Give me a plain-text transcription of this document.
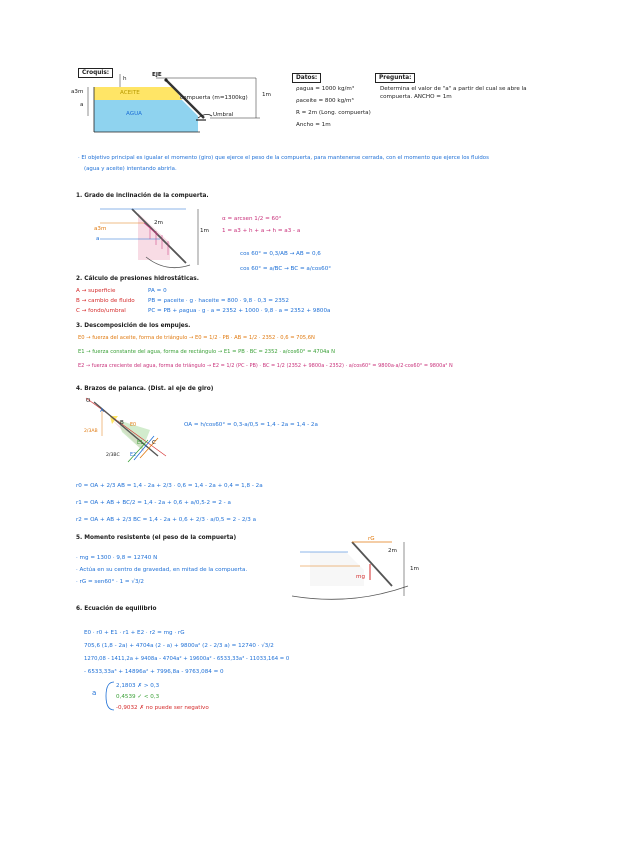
Croquis:	EJE
h
a3m
a
ACEITE
AGUA
compuerta (m=1300kg)
Umbral
1m
Datos:
ρagua = 1000 kg/m³
ρaceite = 800 kg/m³
R = 2m (Long. compuerta)
Ancho = 1m
Pregunta:
Determina el valor de "a" a partir del cual se abre la
compuerta. ANCHO = 1m
· El objetivo principal es igualar el momento (giro) que ejerce el peso de la compuerta, para mantenerse cerrada, con el momento que ejerce los fluidos
(agua y aceite) intentando abrirla.
1. Grado de inclinación de la compuerta.
2m
1m
a3m
a
α = arcsen 1/2 = 60°
1 = a3 + h + a → h = a3 - a
cos 60° = 0,3/AB → AB = 0,6
cos 60° = a/BC → BC = a/cos60°
2. Cálculo de presiones hidrostáticas.
A → superficie
B → cambio de fluido
C → fondo/umbral
PA = 0
PB = ρaceite · g · haceite = 800 · 9,8 · 0,3 = 2352
PC = PB + ρagua · g · a = 2352 + 1000 · 9,8 · a = 2352 + 9800a
3. Descomposición de los empujes.
E0 → fuerza del aceite, forma de triángulo → E0 = 1/2 · PB · AB = 1/2 · 2352 · 0,6 = 705,6N
E1 → fuerza constante del agua, forma de rectángulo → E1 = PB · BC = 2352 · a/cos60° = 4704a N
E2 → fuerza creciente del agua, forma de triángulo → E2 = 1/2 (PC - PB) · BC = 1/2 (2352 + 9800a - 2352) · a/cos60° = 9800a·a/2·cos60° = 9800a² N
4. Brazos de palanca. (Dist. al eje de giro)
O
A
B
C
E0
E1
E2
2/3AB
2/3BC
OA = h/cos60° = 0,3-a/0,5 = 1,4 - 2a = 1,4 - 2a
r0 = OA + 2/3 AB = 1,4 - 2a + 2/3 · 0,6 = 1,4 - 2a + 0,4 = 1,8 - 2a
r1 = OA + AB + BC/2 = 1,4 - 2a + 0,6 + a/0,5·2 = 2 - a
r2 = OA + AB + 2/3 BC = 1,4 - 2a + 0,6 + 2/3 · a/0,5 = 2 - 2/3 a
5. Momento resistente (el peso de la compuerta)
· mg = 1300 · 9,8 = 12740 N
· Actúa en su centro de gravedad, en mitad de la compuerta.
· rG = sen60° · 1 = √3/2
rG
2m
mg
1m
6. Ecuación de equilibrio
E0 · r0 + E1 · r1 + E2 · r2 = mg · rG
705,6 (1,8 - 2a) + 4704a (2 - a) + 9800a² (2 - 2/3 a) = 12740 · √3/2
1270,08 - 1411,2a + 9408a - 4704a² + 19600a² - 6533,33a³ - 11033,164 = 0
- 6533,33a³ + 14896a² + 7996,8a - 9763,084 = 0
a
2,1803 ✗ > 0,3
0,4539 ✓ < 0,3
-0,9032 ✗ no puede ser negativo
